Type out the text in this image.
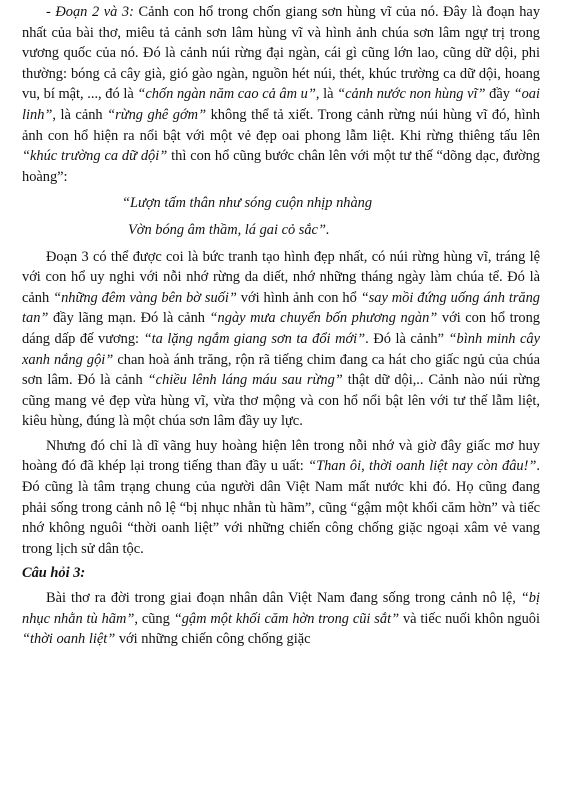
- Đoạn 2 và 3: Cảnh con hổ trong chốn giang sơn hùng vĩ của nó. Đây là đoạn hay nhất của bài thơ, miêu tả cảnh sơn lâm hùng vĩ và hình ảnh chúa sơn lâm ngự trị trong vương quốc của nó. Đó là cảnh núi rừng đại ngàn, cái gì cũng lớn lao, cũng dữ dội, phi thường: bóng cả cây già, gió gào ngàn, nguồn hét núi, thét, khúc trường ca dữ dội, hoang vu, bí mật, ..., đó là “chốn ngàn năm cao cả âm u”, là “cảnh nước non hùng vĩ” đầy “oai linh”, là cảnh “rừng ghê gớm” không thể tả xiết. Trong cảnh rừng núi hùng vĩ đó, hình ảnh con hổ hiện ra nổi bật với một vẻ đẹp oai phong lẫm liệt. Khi rừng thiêng tấu lên “khúc trường ca dữ dội” thì con hổ cũng bước chân lên với một tư thế “dõng dạc, đường hoàng”:

“Lượn tấm thân như sóng cuộn nhịp nhàng

Vờn bóng âm thầm, lá gai cỏ sắc”.

Đoạn 3 có thể được coi là bức tranh tạo hình đẹp nhất, có núi rừng hùng vĩ, tráng lệ với con hổ uy nghi với nỗi nhớ rừng da diết, nhớ những tháng ngày làm chúa tể. Đó là cảnh “những đêm vàng bên bờ suối” với hình ảnh con hổ “say mồi đứng uống ánh trăng tan” đầy lãng mạn. Đó là cảnh “ngày mưa chuyển bốn phương ngàn” với con hổ trong dáng dấp đế vương: “ta lặng ngắm giang sơn ta đổi mới”. Đó là cảnh” “bình minh cây xanh nắng gội” chan hoà ánh trăng, rộn rã tiếng chim đang ca hát cho giấc ngủ của chúa sơn lâm. Đó là cảnh “chiều lênh láng máu sau rừng” thật dữ dội,.. Cảnh nào núi rừng cũng mang vẻ đẹp vừa hùng vĩ, vừa thơ mộng và con hổ nổi bật lên với tư thế lẫm liệt, kiêu hùng, đúng là một chúa sơn lâm đầy uy lực.

Nhưng đó chỉ là dĩ vãng huy hoàng hiện lên trong nỗi nhớ và giờ đây giấc mơ huy hoàng đó đã khép lại trong tiếng than đầy u uất: “Than ôi, thời oanh liệt nay còn đâu!”. Đó cũng là tâm trạng chung của người dân Việt Nam mất nước khi đó. Họ cũng đang phải sống trong cảnh nô lệ “bị nhục nhằn tù hãm”, cũng “gậm một khối căm hờn” và tiếc nhớ không nguôi “thời oanh liệt” với những chiến công chống giặc ngoại xâm vẻ vang trong lịch sử dân tộc.

Câu hỏi 3:

Bài thơ ra đời trong giai đoạn nhân dân Việt Nam đang sống trong cảnh nô lệ, “bị nhục nhằn tù hãm”, cũng “gậm một khối căm hờn trong cũi sắt” và tiếc nuối khôn nguôi “thời oanh liệt” với những chiến công chống giặc
